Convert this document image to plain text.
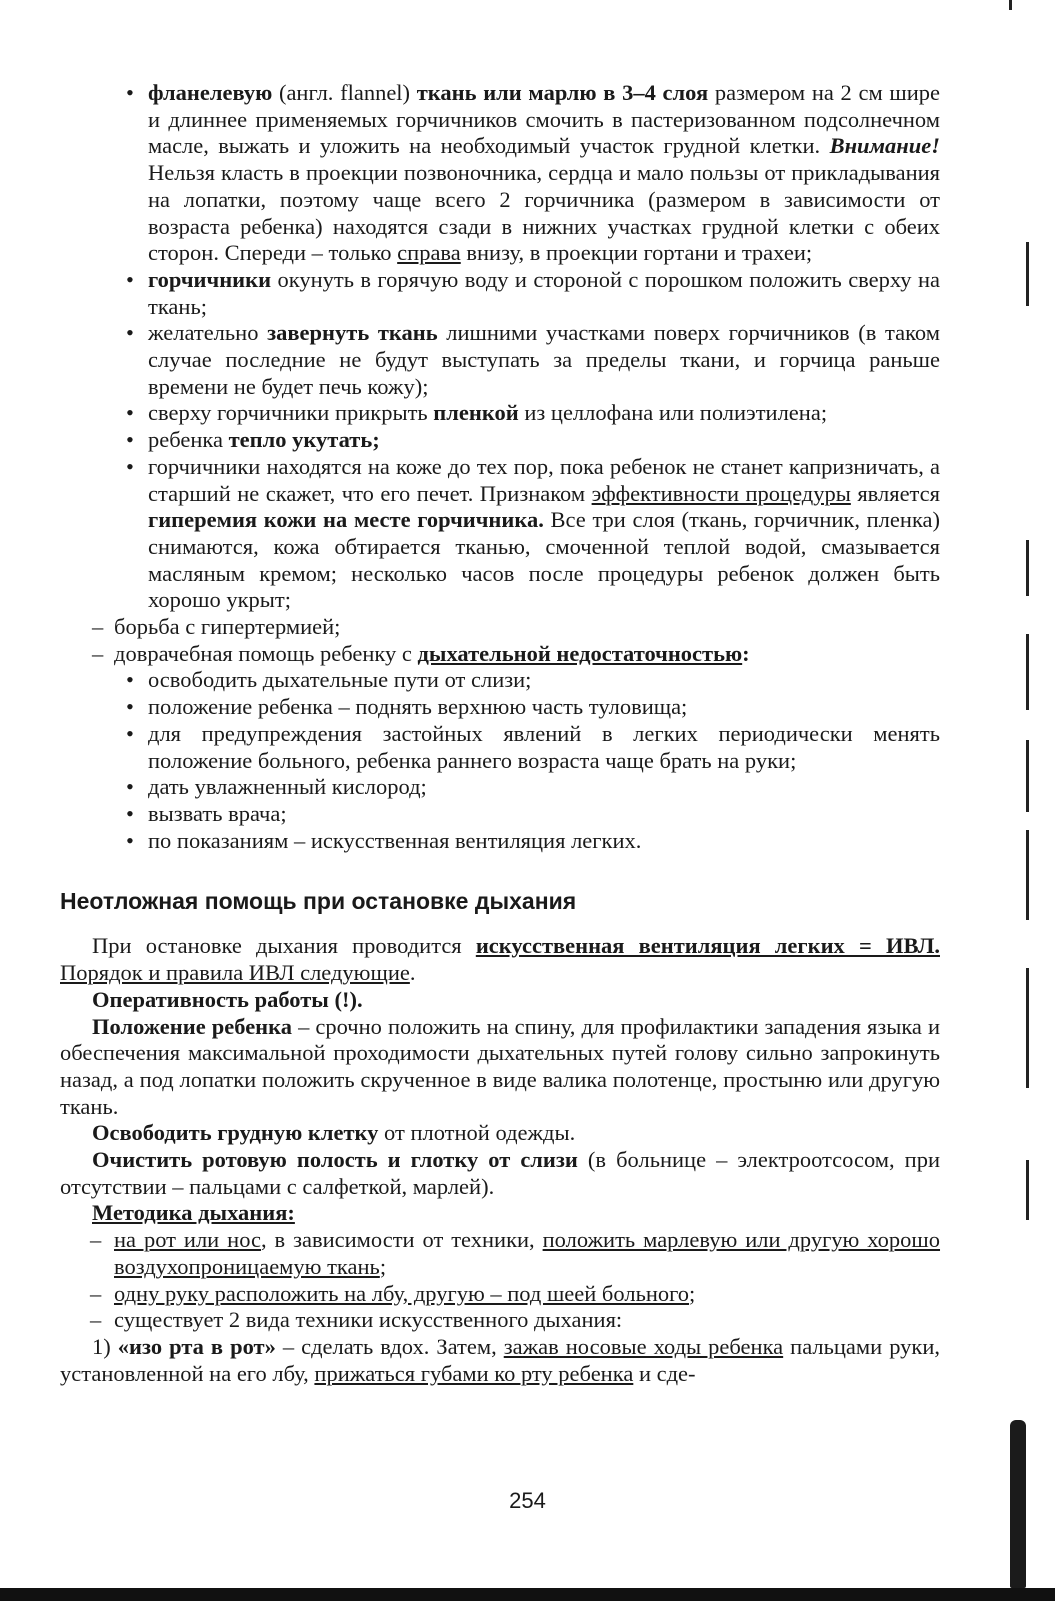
• фланелевую (англ. flannel) ткань или марлю в 3–4 слоя размером на 2 см шире и длиннее применяемых горчичников смочить в пастеризованном подсолнечном масле, выжать и уложить на необходимый участок грудной клетки. Внимание! Нельзя класть в проекции позвоночника, сердца и мало пользы от прикладывания на лопатки, поэтому чаще всего 2 горчичника (размером в зависимости от возраста ребенка) находятся сзади в нижних участках грудной клетки с обеих сторон. Спереди – только справа внизу, в проекции гортани и трахеи;
• горчичники окунуть в горячую воду и стороной с порошком положить сверху на ткань;
• желательно завернуть ткань лишними участками поверх горчичников (в таком случае последние не будут выступать за пределы ткани, и горчица раньше времени не будет печь кожу);
• сверху горчичники прикрыть пленкой из целлофана или полиэтилена;
• ребенка тепло укутать;
• горчичники находятся на коже до тех пор, пока ребенок не станет капризничать, а старший не скажет, что его печет. Признаком эффективности процедуры является гиперемия кожи на месте горчичника. Все три слоя (ткань, горчичник, пленка) снимаются, кожа обтирается тканью, смоченной теплой водой, смазывается масляным кремом; несколько часов после процедуры ребенок должен быть хорошо укрыт;
– борьба с гипертермией;
– доврачебная помощь ребенку с дыхательной недостаточностью:
• освободить дыхательные пути от слизи;
• положение ребенка – поднять верхнюю часть туловища;
• для предупреждения застойных явлений в легких периодически менять положение больного, ребенка раннего возраста чаще брать на руки;
• дать увлажненный кислород;
• вызвать врача;
• по показаниям – искусственная вентиляция легких.
Неотложная помощь при остановке дыхания
При остановке дыхания проводится искусственная вентиляция легких = ИВЛ. Порядок и правила ИВЛ следующие.
Оперативность работы (!).
Положение ребенка – срочно положить на спину, для профилактики западения языка и обеспечения максимальной проходимости дыхательных путей голову сильно запрокинуть назад, а под лопатки положить скрученное в виде валика полотенце, простыню или другую ткань.
Освободить грудную клетку от плотной одежды.
Очистить ротовую полость и глотку от слизи (в больнице – электроотсосом, при отсутствии – пальцами с салфеткой, марлей).
Методика дыхания:
– на рот или нос, в зависимости от техники, положить марлевую или другую хорошо воздухопроницаемую ткань;
– одну руку расположить на лбу, другую – под шеей больного;
– существует 2 вида техники искусственного дыхания:
1) «изо рта в рот» – сделать вдох. Затем, зажав носовые ходы ребенка пальцами руки, установленной на его лбу, прижаться губами ко рту ребенка и сде-
254
